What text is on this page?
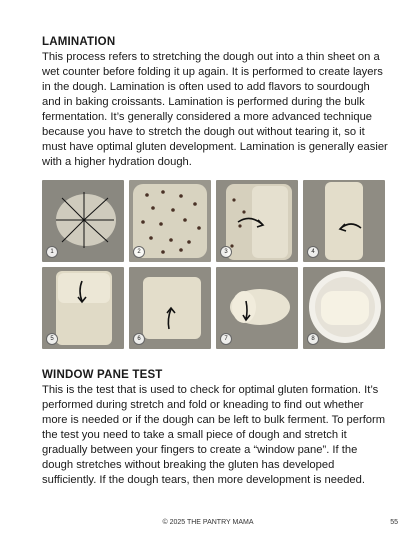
LAMINATION
This process refers to stretching the dough out into a thin sheet on a wet counter before folding it up again. It is performed to create layers in the dough. Lamination is often used to add flavors to sourdough and in baking croissants. Lamination is performed during the bulk fermentation. It’s generally considered a more advanced technique because you have to stretch the dough out without tearing it, so it must have optimal gluten development. Lamination is generally easier with a higher hydration dough.
1	2	3	4
5	6	7	8
WINDOW PANE TEST
This is the test that is used to check for optimal gluten formation. It’s performed during stretch and fold or kneading to find out whether more is needed or if the dough can be left to bulk ferment. To perform the test you need to take a small piece of dough and stretch it gradually between your fingers to create a “window pane”. If the dough stretches without breaking the gluten has developed sufficiently. If the dough tears, then more development is needed.
© 2025 THE PANTRY MAMA	55
